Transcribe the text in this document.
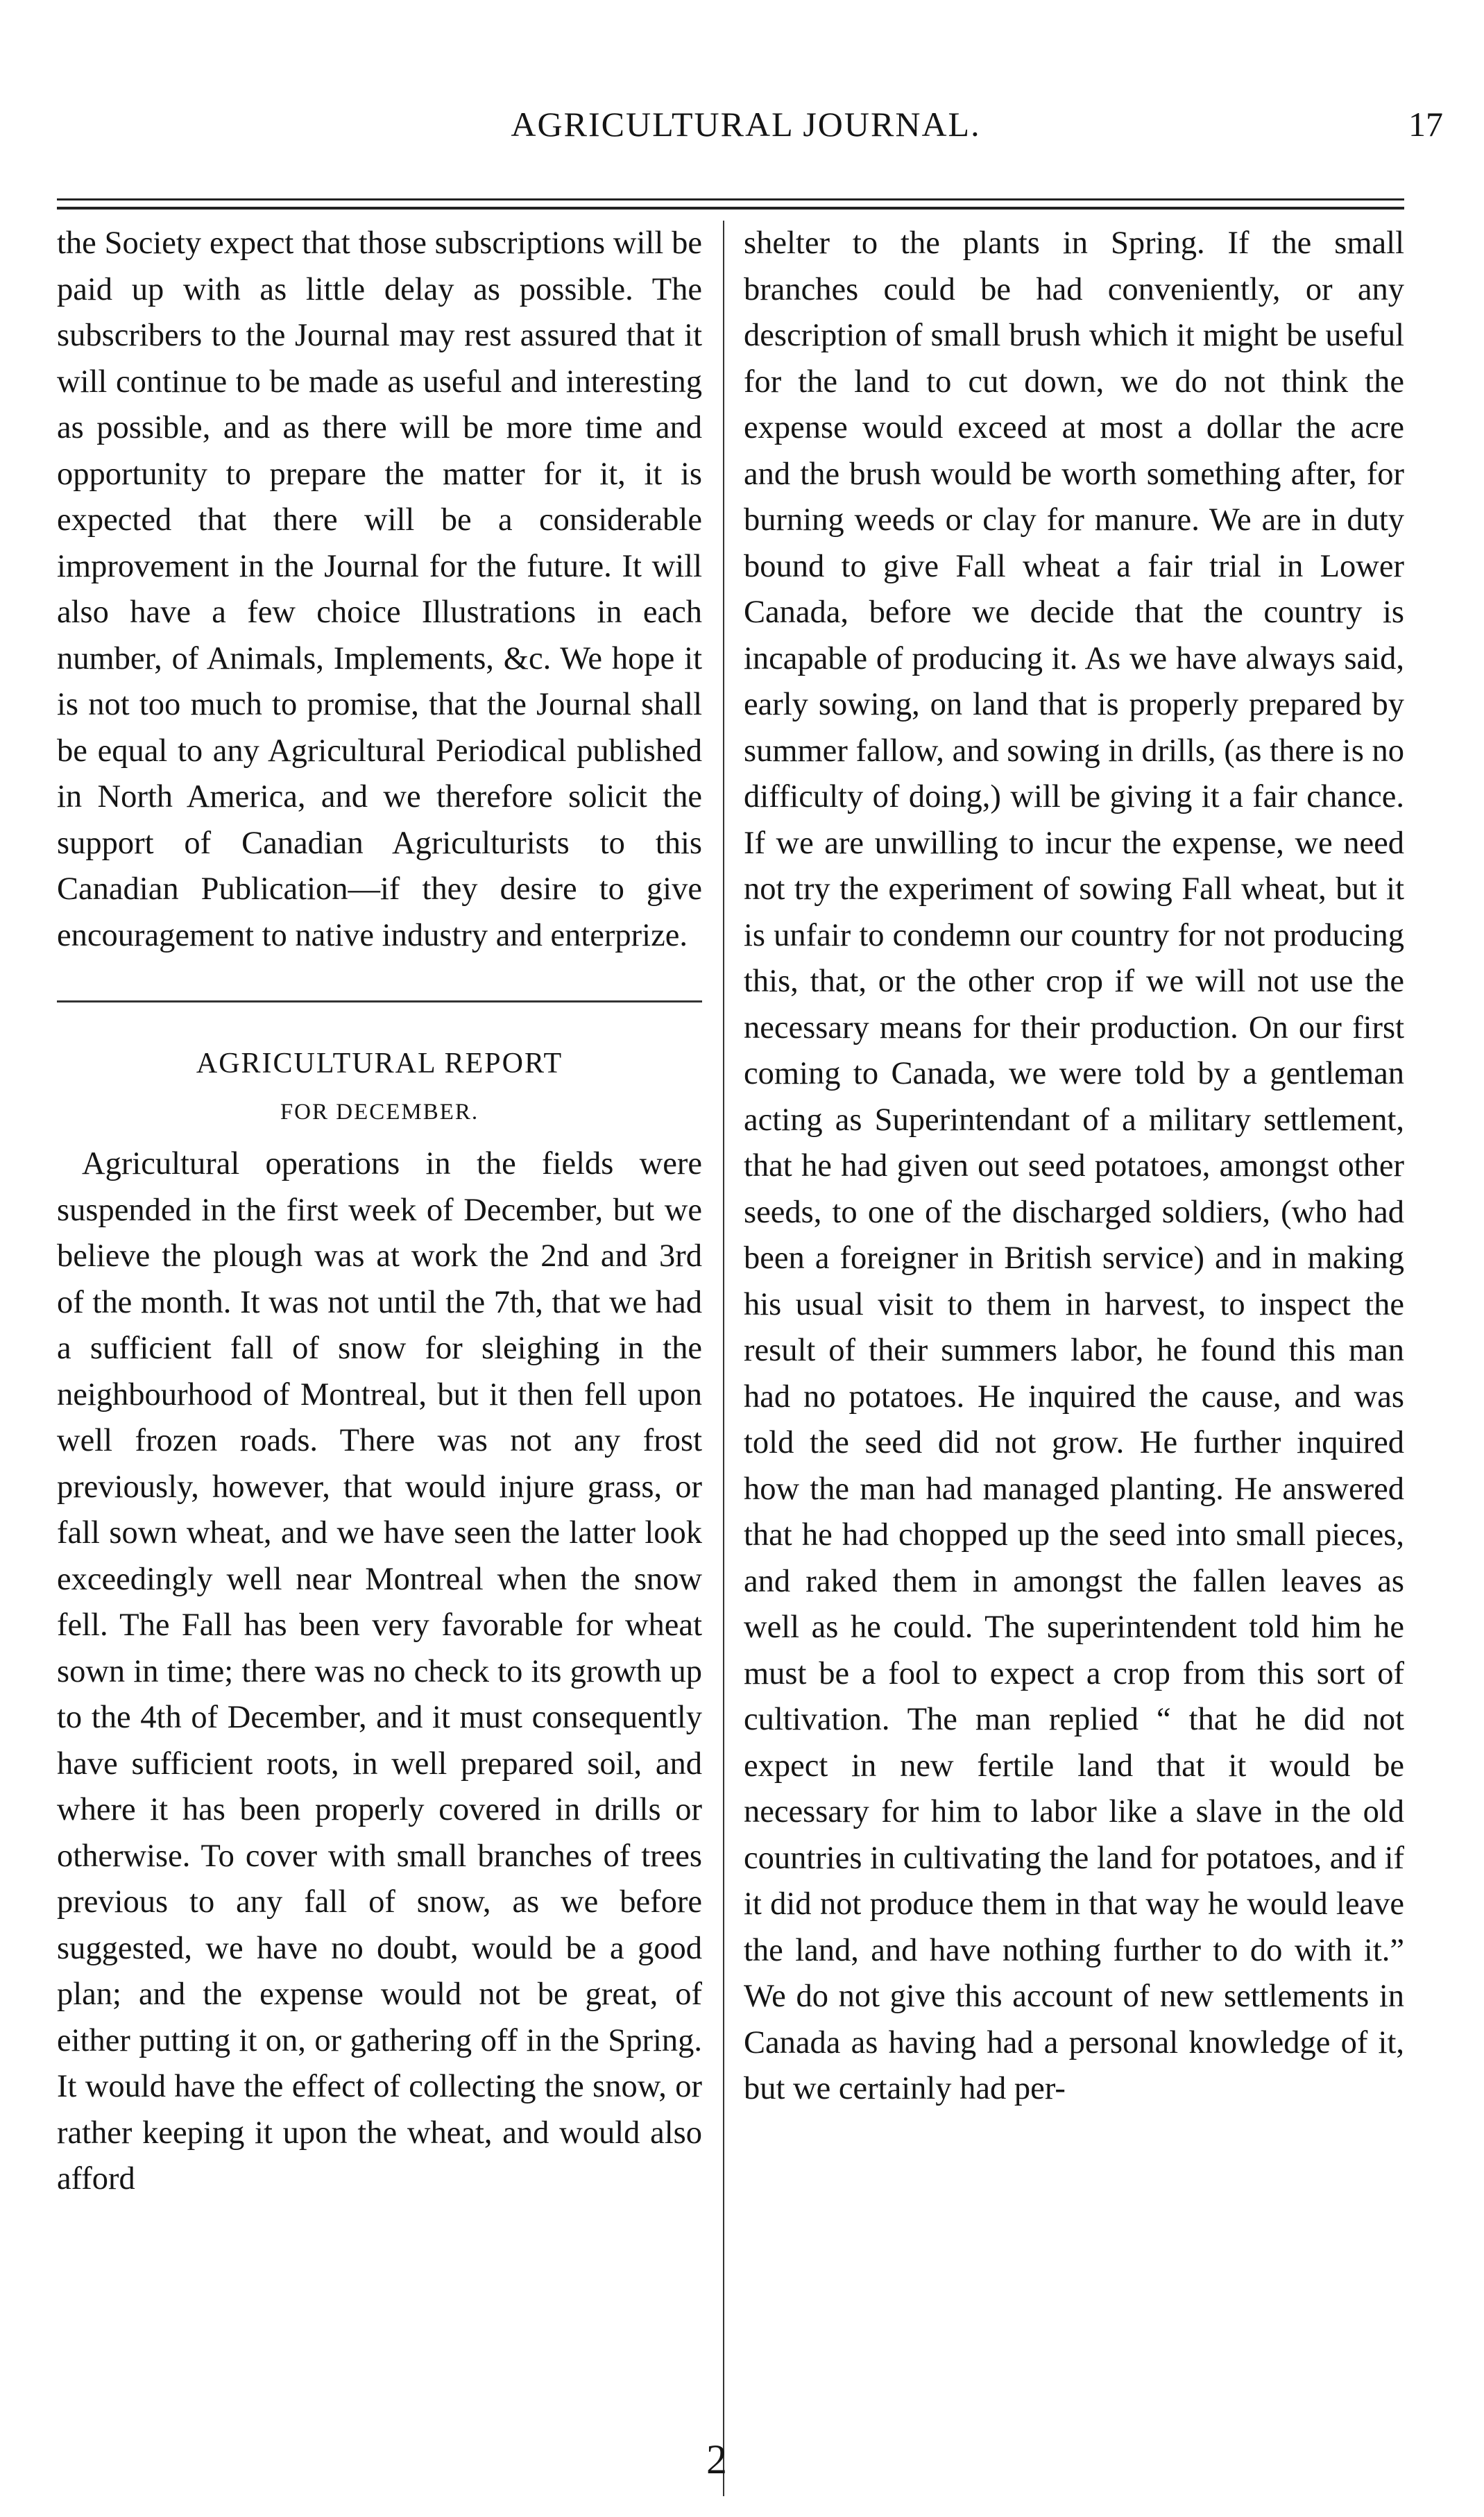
AGRICULTURAL JOURNAL.	17

the Society expect that those subscriptions will be paid up with as little delay as possible. The subscribers to the Journal may rest assured that it will continue to be made as useful and interesting as possible, and as there will be more time and opportunity to prepare the matter for it, it is expected that there will be a considerable improvement in the Journal for the future. It will also have a few choice Illustrations in each number, of Animals, Implements, &c. We hope it is not too much to promise, that the Journal shall be equal to any Agricultural Periodical published in North America, and we therefore solicit the support of Canadian Agriculturists to this Canadian Publication—if they desire to give encouragement to native industry and enterprize.

AGRICULTURAL REPORT
FOR DECEMBER.

Agricultural operations in the fields were suspended in the first week of December, but we believe the plough was at work the 2nd and 3rd of the month. It was not until the 7th, that we had a sufficient fall of snow for sleighing in the neighbourhood of Montreal, but it then fell upon well frozen roads. There was not any frost previously, however, that would injure grass, or fall sown wheat, and we have seen the latter look exceedingly well near Montreal when the snow fell. The Fall has been very favorable for wheat sown in time; there was no check to its growth up to the 4th of December, and it must consequently have sufficient roots, in well prepared soil, and where it has been properly covered in drills or otherwise. To cover with small branches of trees previous to any fall of snow, as we before suggested, we have no doubt, would be a good plan; and the expense would not be great, of either putting it on, or gathering off in the Spring. It would have the effect of collecting the snow, or rather keeping it upon the wheat, and would also afford

shelter to the plants in Spring. If the small branches could be had conveniently, or any description of small brush which it might be useful for the land to cut down, we do not think the expense would exceed at most a dollar the acre and the brush would be worth something after, for burning weeds or clay for manure. We are in duty bound to give Fall wheat a fair trial in Lower Canada, before we decide that the country is incapable of producing it. As we have always said, early sowing, on land that is properly prepared by summer fallow, and sowing in drills, (as there is no difficulty of doing,) will be giving it a fair chance. If we are unwilling to incur the expense, we need not try the experiment of sowing Fall wheat, but it is unfair to condemn our country for not producing this, that, or the other crop if we will not use the necessary means for their production. On our first coming to Canada, we were told by a gentleman acting as Superintendant of a military settlement, that he had given out seed potatoes, amongst other seeds, to one of the discharged soldiers, (who had been a foreigner in British service) and in making his usual visit to them in harvest, to inspect the result of their summers labor, he found this man had no potatoes. He inquired the cause, and was told the seed did not grow. He further inquired how the man had managed planting. He answered that he had chopped up the seed into small pieces, and raked them in amongst the fallen leaves as well as he could. The superintendent told him he must be a fool to expect a crop from this sort of cultivation. The man replied “ that he did not expect in new fertile land that it would be necessary for him to labor like a slave in the old countries in cultivating the land for potatoes, and if it did not produce them in that way he would leave the land, and have nothing further to do with it.” We do not give this account of new settlements in Canada as having had a personal knowledge of it, but we certainly had per-

2
